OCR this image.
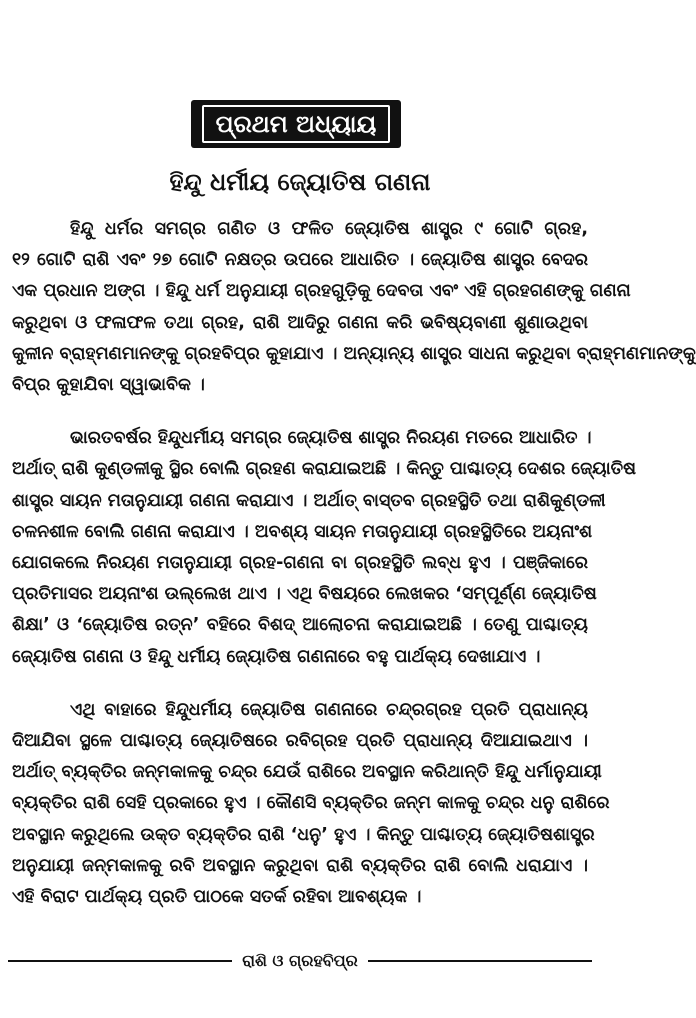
ପ୍ରଥମ ଅଧ୍ୟାୟ
ହିନ୍ଦୁ ଧର୍ମୀୟ ଜ୍ୟୋତିଷ ଗଣନା
ହିନ୍ଦୁ ଧର୍ମର ସମଗ୍ର ଗଣିତ ଓ ଫଳିତ ଜ୍ୟୋତିଷ ଶାସ୍ତ୍ର ୯ ଗୋଟି ଗ୍ରହ,
୧୨ ଗୋଟି ରାଶି ଏବଂ ୨୭ ଗୋଟି ନକ୍ଷତ୍ର ଉପରେ ଆଧାରିତ । ଜ୍ୟୋତିଷ ଶାସ୍ତ୍ର ବେଦର
ଏକ ପ୍ରଧାନ ଅଙ୍ଗ । ହିନ୍ଦୁ ଧର୍ମ ଅନୁଯାୟୀ ଗ୍ରହଗୁଡ଼ିକୁ ଦେବତା ଏବଂ ଏହି ଗ୍ରହଗଣଙ୍କୁ ଗଣନା
କରୁଥିବା ଓ ଫଳାଫଳ ତଥା ଗ୍ରହ, ରାଶି ଆଦିରୁ ଗଣନା କରି ଭବିଷ୍ୟବାଣୀ ଶୁଣାଉଥିବା
କୁଳୀନ ବ୍ରାହ୍ମଣମାନଙ୍କୁ ଗ୍ରହବିପ୍ର କୁହାଯାଏ । ଅନ୍ୟାନ୍ୟ ଶାସ୍ତ୍ର ସାଧନା କରୁଥିବା ବ୍ରାହ୍ମଣମାନଙ୍କୁ
ବିପ୍ର କୁହାଯିବା ସ୍ୱାଭାବିକ ।
ଭାରତବର୍ଷର ହିନ୍ଦୁଧର୍ମୀୟ ସମଗ୍ର ଜ୍ୟୋତିଷ ଶାସ୍ତ୍ର ନିରୟଣ ମତରେ ଆଧାରିତ ।
ଅର୍ଥାତ୍ ରାଶି କୁଣ୍ଡଳୀକୁ ସ୍ଥିର ବୋଲି ଗ୍ରହଣ କରାଯାଇଅଛି । କିନ୍ତୁ ପାଶ୍ଚାତ୍ୟ ଦେଶର ଜ୍ୟୋତିଷ
ଶାସ୍ତ୍ର ସାୟନ ମତାନୁଯାୟୀ ଗଣନା କରାଯାଏ । ଅର୍ଥାତ୍ ବାସ୍ତବ ଗ୍ରହସ୍ଥିତି ତଥା ରାଶିକୁଣ୍ଡଳୀ
ଚଳନଶୀଳ ବୋଲି ଗଣନା କରାଯାଏ । ଅବଶ୍ୟ ସାୟନ ମତାନୁଯାୟୀ ଗ୍ରହସ୍ଥିତିରେ ଅୟନାଂଶ
ଯୋଗକଲେ ନିରୟଣ ମତାନୁଯାୟୀ ଗ୍ରହ-ଗଣନା ବା ଗ୍ରହସ୍ଥିତି ଲବ୍ଧ ହୁଏ । ପଞ୍ଜିକାରେ
ପ୍ରତିମାସର ଅୟନାଂଶ ଉଲ୍ଲେଖ ଥାଏ । ଏଥି ବିଷୟରେ ଲେଖକର ‘ସମ୍ପୂର୍ଣ୍ଣ ଜ୍ୟୋତିଷ
ଶିକ୍ଷା’ ଓ ‘ଜ୍ୟୋତିଷ ରତ୍ନ’ ବହିରେ ବିଶଦ୍ ଆଲୋଚନା କରାଯାଇଅଛି । ତେଣୁ ପାଶ୍ଚାତ୍ୟ
ଜ୍ୟୋତିଷ ଗଣନା ଓ ହିନ୍ଦୁ ଧର୍ମୀୟ ଜ୍ୟୋତିଷ ଗଣନାରେ ବହୁ ପାର୍ଥକ୍ୟ ଦେଖାଯାଏ ।
ଏଥି ବାହାରେ ହିନ୍ଦୁଧର୍ମୀୟ ଜ୍ୟୋତିଷ ଗଣନାରେ ଚନ୍ଦ୍ରଗ୍ରହ ପ୍ରତି ପ୍ରାଧାନ୍ୟ
ଦିଆଯିବା ସ୍ଥଳେ ପାଶ୍ଚାତ୍ୟ ଜ୍ୟୋତିଷରେ ରବିଗ୍ରହ ପ୍ରତି ପ୍ରାଧାନ୍ୟ ଦିଆଯାଇଥାଏ ।
ଅର୍ଥାତ୍ ବ୍ୟକ୍ତିର ଜନ୍ମକାଳକୁ ଚନ୍ଦ୍ର ଯେଉଁ ରାଶିରେ ଅବସ୍ଥାନ କରିଥାନ୍ତି ହିନ୍ଦୁ ଧର୍ମାନୁଯାୟୀ
ବ୍ୟକ୍ତିର ରାଶି ସେହି ପ୍ରକାରେ ହୁଏ । କୌଣସି ବ୍ୟକ୍ତିର ଜନ୍ମ କାଳକୁ ଚନ୍ଦ୍ର ଧନୁ ରାଶିରେ
ଅବସ୍ଥାନ କରୁଥିଲେ ଉକ୍ତ ବ୍ୟକ୍ତିର ରାଶି ‘ଧନୁ’ ହୁଏ । କିନ୍ତୁ ପାଶ୍ଚାତ୍ୟ ଜ୍ୟୋତିଷଶାସ୍ତ୍ର
ଅନୁଯାୟୀ ଜନ୍ମକାଳକୁ ରବି ଅବସ୍ଥାନ କରୁଥିବା ରାଶି ବ୍ୟକ୍ତିର ରାଶି ବୋଲି ଧରାଯାଏ ।
ଏହି ବିରାଟ ପାର୍ଥକ୍ୟ ପ୍ରତି ପାଠକେ ସତର୍କ ରହିବା ଆବଶ୍ୟକ ।
ରାଶି ଓ ଗ୍ରହବିପ୍ର
